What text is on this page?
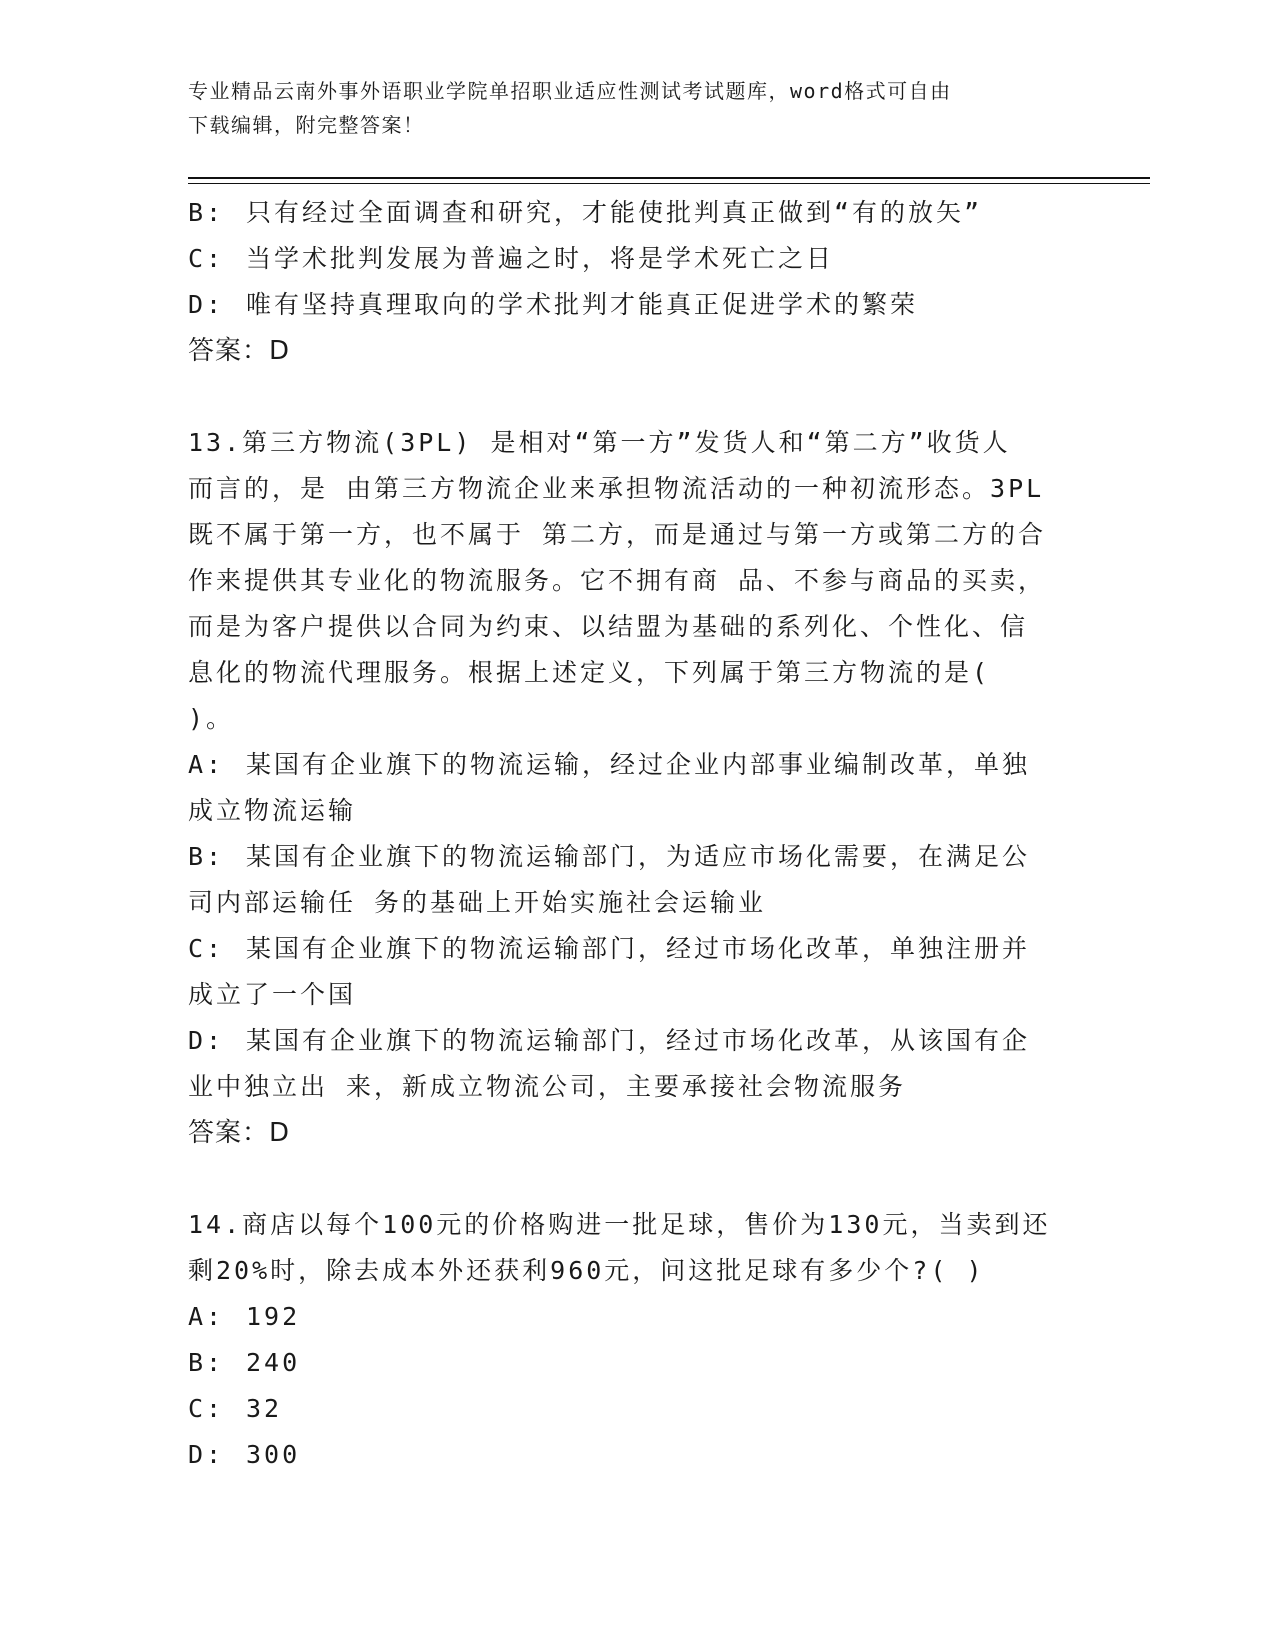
专业精品云南外事外语职业学院单招职业适应性测试考试题库，word格式可自由
下载编辑，附完整答案！
B: 只有经过全面调查和研究，才能使批判真正做到“有的放矢”
C: 当学术批判发展为普遍之时，将是学术死亡之日
D: 唯有坚持真理取向的学术批判才能真正促进学术的繁荣
答案：D
13.第三方物流(3PL) 是相对“第一方”发货人和“第二方”收货人
而言的，是 由第三方物流企业来承担物流活动的一种初流形态。3PL
既不属于第一方，也不属于 第二方，而是通过与第一方或第二方的合
作来提供其专业化的物流服务。它不拥有商 品、不参与商品的买卖，
而是为客户提供以合同为约束、以结盟为基础的系列化、个性化、信
息化的物流代理服务。根据上述定义，下列属于第三方物流的是(
)。
A: 某国有企业旗下的物流运输，经过企业内部事业编制改革，单独
成立物流运输
B: 某国有企业旗下的物流运输部门，为适应市场化需要，在满足公
司内部运输任 务的基础上开始实施社会运输业
C: 某国有企业旗下的物流运输部门，经过市场化改革，单独注册并
成立了一个国
D: 某国有企业旗下的物流运输部门，经过市场化改革，从该国有企
业中独立出 来，新成立物流公司，主要承接社会物流服务
答案：D
14.商店以每个100元的价格购进一批足球，售价为130元，当卖到还
剩20%时，除去成本外还获利960元，问这批足球有多少个?( )
A: 192
B: 240
C: 32
D: 300
